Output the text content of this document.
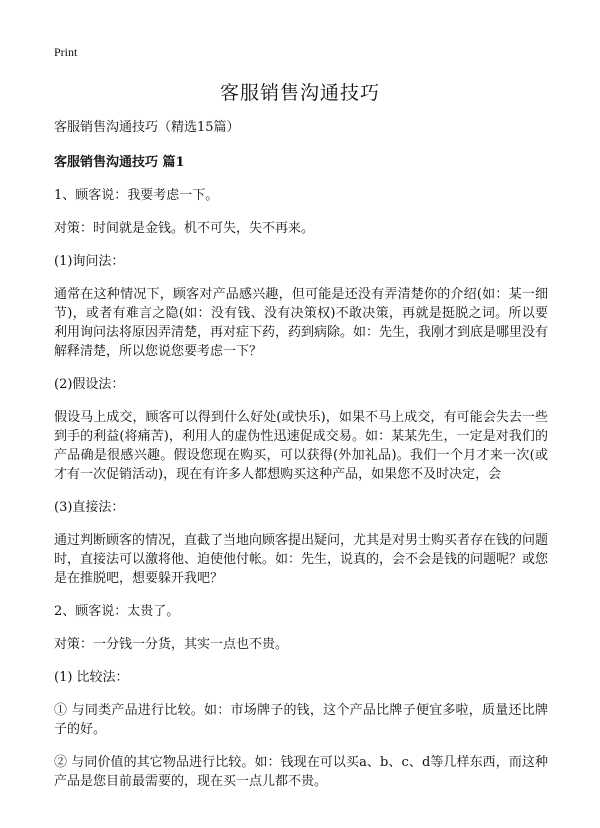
Print
客服销售沟通技巧

客服销售沟通技巧（精选15篇）

客服销售沟通技巧 篇1

1、顾客说：我要考虑一下。

对策：时间就是金钱。机不可失，失不再来。

(1)询问法：

通常在这种情况下，顾客对产品感兴趣，但可能是还没有弄清楚你的介绍(如：某一细节)，或者有难言之隐(如：没有钱、没有决策权)不敢决策，再就是挺脱之词。所以要利用询问法将原因弄清楚，再对症下药，药到病除。如：先生，我刚才到底是哪里没有解释清楚，所以您说您要考虑一下？

(2)假设法：

假设马上成交，顾客可以得到什么好处(或快乐)，如果不马上成交，有可能会失去一些到手的利益(将痛苦)，利用人的虚伪性迅速促成交易。如：某某先生，一定是对我们的产品确是很感兴趣。假设您现在购买，可以获得(外加礼品)。我们一个月才来一次(或才有一次促销活动)，现在有许多人都想购买这种产品，如果您不及时决定，会

(3)直接法：

通过判断顾客的情况，直截了当地向顾客提出疑问，尤其是对男士购买者存在钱的问题时，直接法可以激将他、迫使他付帐。如：先生，说真的，会不会是钱的问题呢？或您是在推脱吧，想要躲开我吧？

2、顾客说：太贵了。

对策：一分钱一分货，其实一点也不贵。

(1) 比较法：

① 与同类产品进行比较。如：市场牌子的钱，这个产品比牌子便宜多啦，质量还比牌子的好。

② 与同价值的其它物品进行比较。如：钱现在可以买a、b、c、d等几样东西，而这种产品是您目前最需要的，现在买一点儿都不贵。
